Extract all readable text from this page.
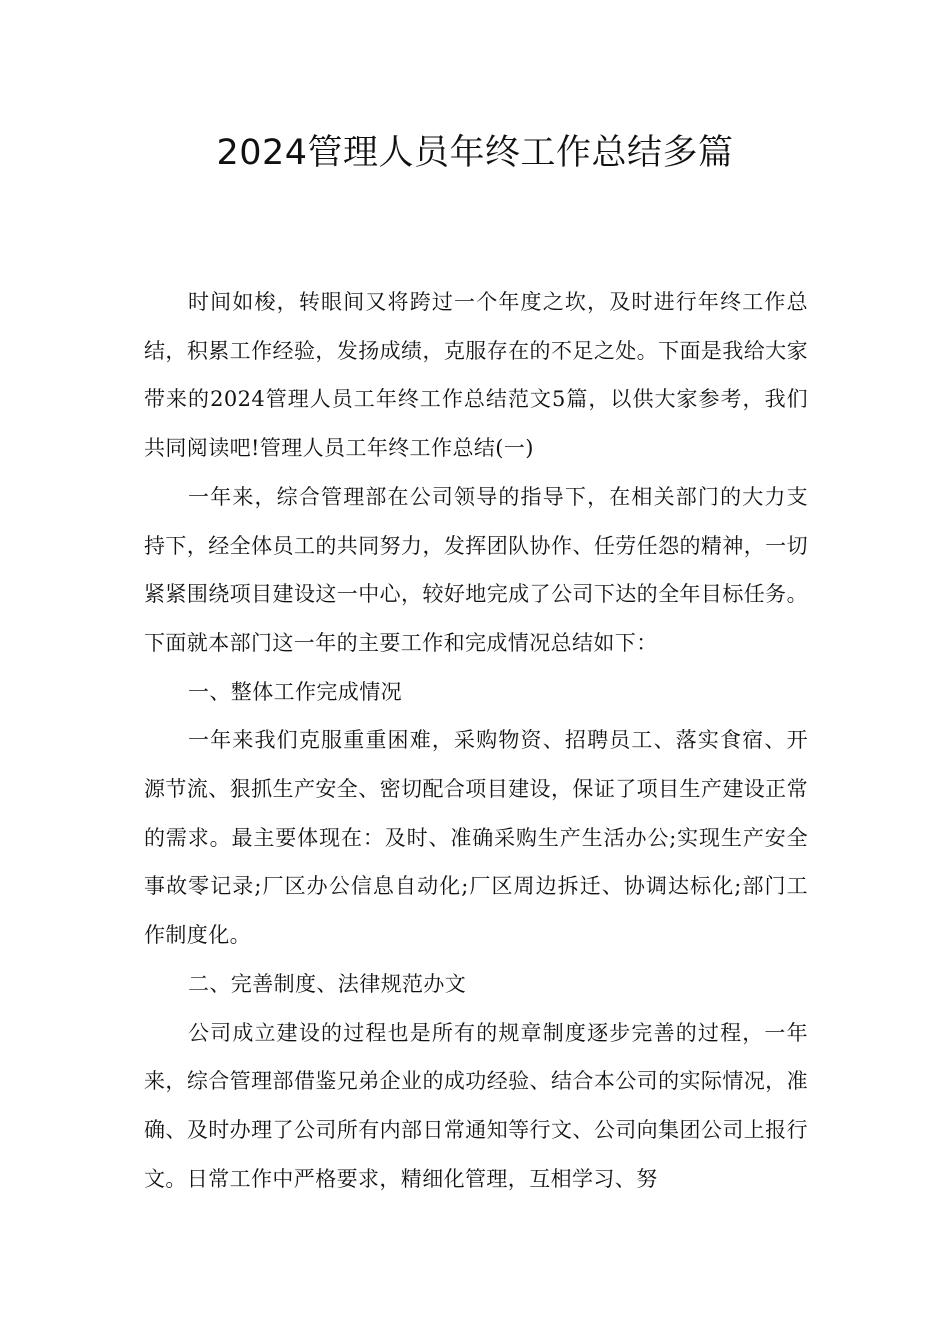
2024管理人员年终工作总结多篇

时间如梭，转眼间又将跨过一个年度之坎，及时进行年终工作总结，积累工作经验，发扬成绩，克服存在的不足之处。下面是我给大家带来的2024管理人员工年终工作总结范文5篇，以供大家参考，我们共同阅读吧!管理人员工年终工作总结(一)

一年来，综合管理部在公司领导的指导下，在相关部门的大力支持下，经全体员工的共同努力，发挥团队协作、任劳任怨的精神，一切紧紧围绕项目建设这一中心，较好地完成了公司下达的全年目标任务。下面就本部门这一年的主要工作和完成情况总结如下：

一、整体工作完成情况

一年来我们克服重重困难，采购物资、招聘员工、落实食宿、开源节流、狠抓生产安全、密切配合项目建设，保证了项目生产建设正常的需求。最主要体现在：及时、准确采购生产生活办公;实现生产安全事故零记录;厂区办公信息自动化;厂区周边拆迁、协调达标化;部门工作制度化。

二、完善制度、法律规范办文

公司成立建设的过程也是所有的规章制度逐步完善的过程，一年来，综合管理部借鉴兄弟企业的成功经验、结合本公司的实际情况，准确、及时办理了公司所有内部日常通知等行文、公司向集团公司上报行文。日常工作中严格要求，精细化管理，互相学习、努
